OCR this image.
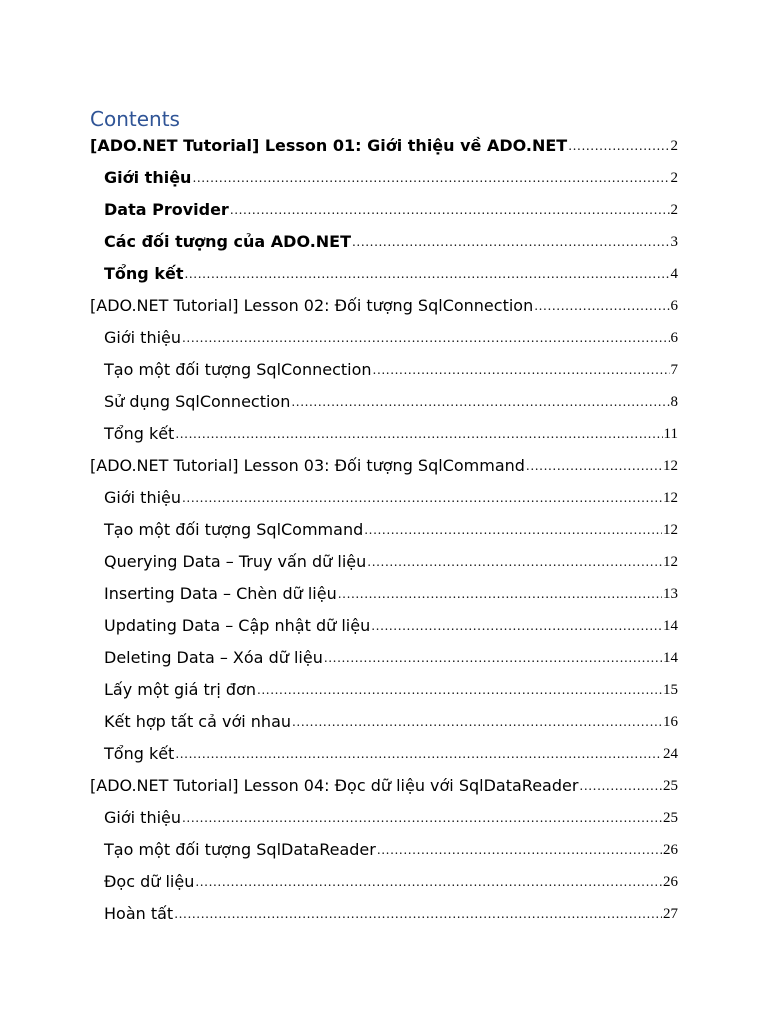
Contents
[ADO.NET Tutorial] Lesson 01: Giới thiệu về ADO.NET .....	2
Giới thiệu .....	2
Data Provider .....	2
Các đối tượng của ADO.NET .....	3
Tổng kết .....	4
[ADO.NET Tutorial] Lesson 02: Đối tượng SqlConnection .....	6
Giới thiệu .....	6
Tạo một đối tượng SqlConnection .....	7
Sử dụng SqlConnection .....	8
Tổng kết .....	11
[ADO.NET Tutorial] Lesson 03: Đối tượng SqlCommand .....	12
Giới thiệu .....	12
Tạo một đối tượng SqlCommand .....	12
Querying Data – Truy vấn dữ liệu .....	12
Inserting Data – Chèn dữ liệu .....	13
Updating Data – Cập nhật dữ liệu .....	14
Deleting Data – Xóa dữ liệu .....	14
Lấy một giá trị đơn .....	15
Kết hợp tất cả với nhau .....	16
Tổng kết .....	24
[ADO.NET Tutorial] Lesson 04: Đọc dữ liệu với SqlDataReader .....	25
Giới thiệu .....	25
Tạo một đối tượng SqlDataReader .....	26
Đọc dữ liệu .....	26
Hoàn tất .....	27
